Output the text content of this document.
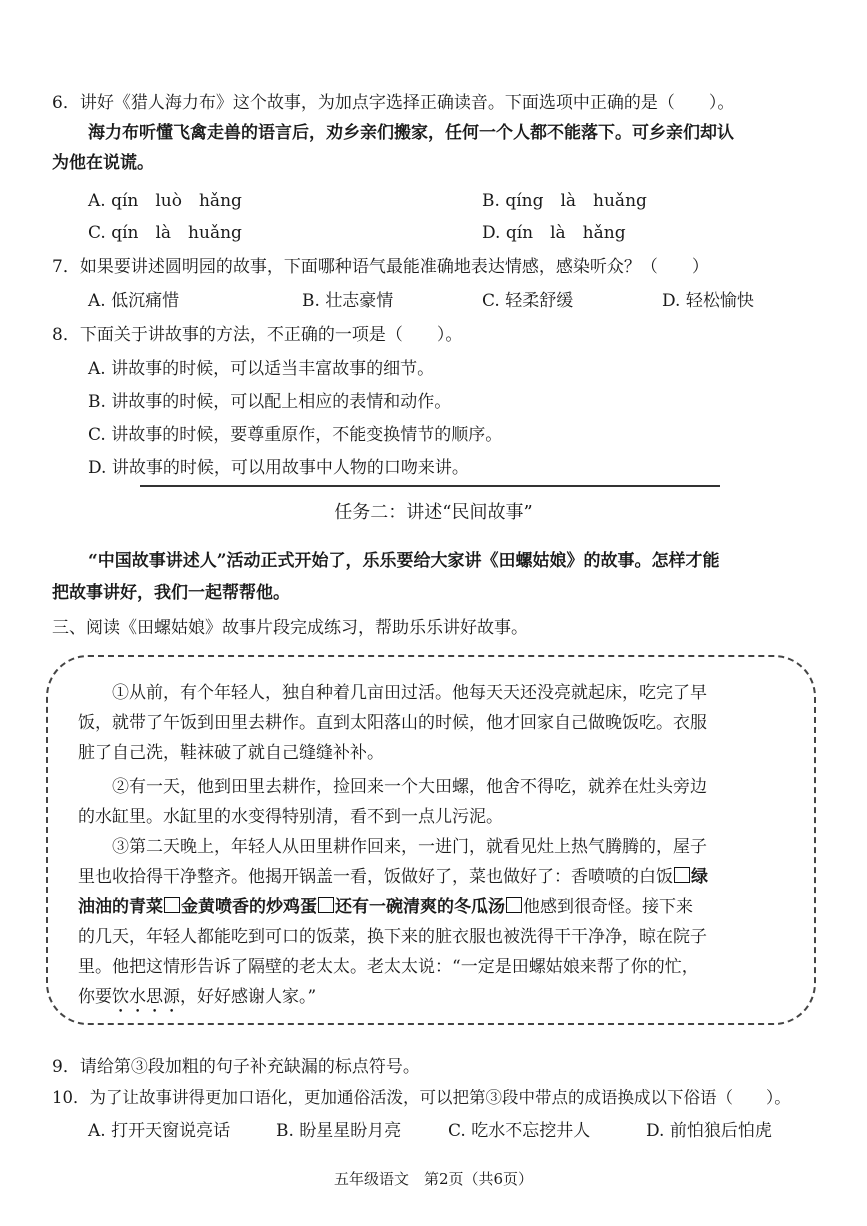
6．讲好《猎人海力布》这个故事，为加点字选择正确读音。下面选项中正确的是（　　）。
海力布听懂飞禽走兽的语言后，劝乡亲们搬家，任何一个人都不能落下。可乡亲们却认
为他在说谎。
A. qín　luò　hǎng	B. qíng　là　huǎng
C. qín　là　huǎng	D. qín　là　hǎng
7．如果要讲述圆明园的故事，下面哪种语气最能准确地表达情感，感染听众？（　　）
A. 低沉痛惜	B. 壮志豪情	C. 轻柔舒缓	D. 轻松愉快
8．下面关于讲故事的方法，不正确的一项是（　　）。
A. 讲故事的时候，可以适当丰富故事的细节。
B. 讲故事的时候，可以配上相应的表情和动作。
C. 讲故事的时候，要尊重原作，不能变换情节的顺序。
D. 讲故事的时候，可以用故事中人物的口吻来讲。
任务二：讲述“民间故事”
“中国故事讲述人”活动正式开始了，乐乐要给大家讲《田螺姑娘》的故事。怎样才能
把故事讲好，我们一起帮帮他。
三、阅读《田螺姑娘》故事片段完成练习，帮助乐乐讲好故事。
①从前，有个年轻人，独自种着几亩田过活。他每天天还没亮就起床，吃完了早
饭，就带了午饭到田里去耕作。直到太阳落山的时候，他才回家自己做晚饭吃。衣服
脏了自己洗，鞋袜破了就自己缝缝补补。
②有一天，他到田里去耕作，捡回来一个大田螺，他舍不得吃，就养在灶头旁边
的水缸里。水缸里的水变得特别清，看不到一点儿污泥。
③第二天晚上，年轻人从田里耕作回来，一进门，就看见灶上热气腾腾的，屋子
里也收拾得干净整齐。他揭开锅盖一看，饭做好了，菜也做好了：香喷喷的白饭 绿
油油的青菜 金黄喷香的炒鸡蛋 还有一碗清爽的冬瓜汤 他感到很奇怪。接下来
的几天，年轻人都能吃到可口的饭菜，换下来的脏衣服也被洗得干干净净，晾在院子
里。他把这情形告诉了隔壁的老太太。老太太说：“一定是田螺姑娘来帮了你的忙，
你要饮水思源，好好感谢人家。”
9．请给第③段加粗的句子补充缺漏的标点符号。
10．为了让故事讲得更加口语化，更加通俗活泼，可以把第③段中带点的成语换成以下俗语（　　）。
A. 打开天窗说亮话	B. 盼星星盼月亮	C. 吃水不忘挖井人	D. 前怕狼后怕虎
五年级语文　第2页（共6页）
